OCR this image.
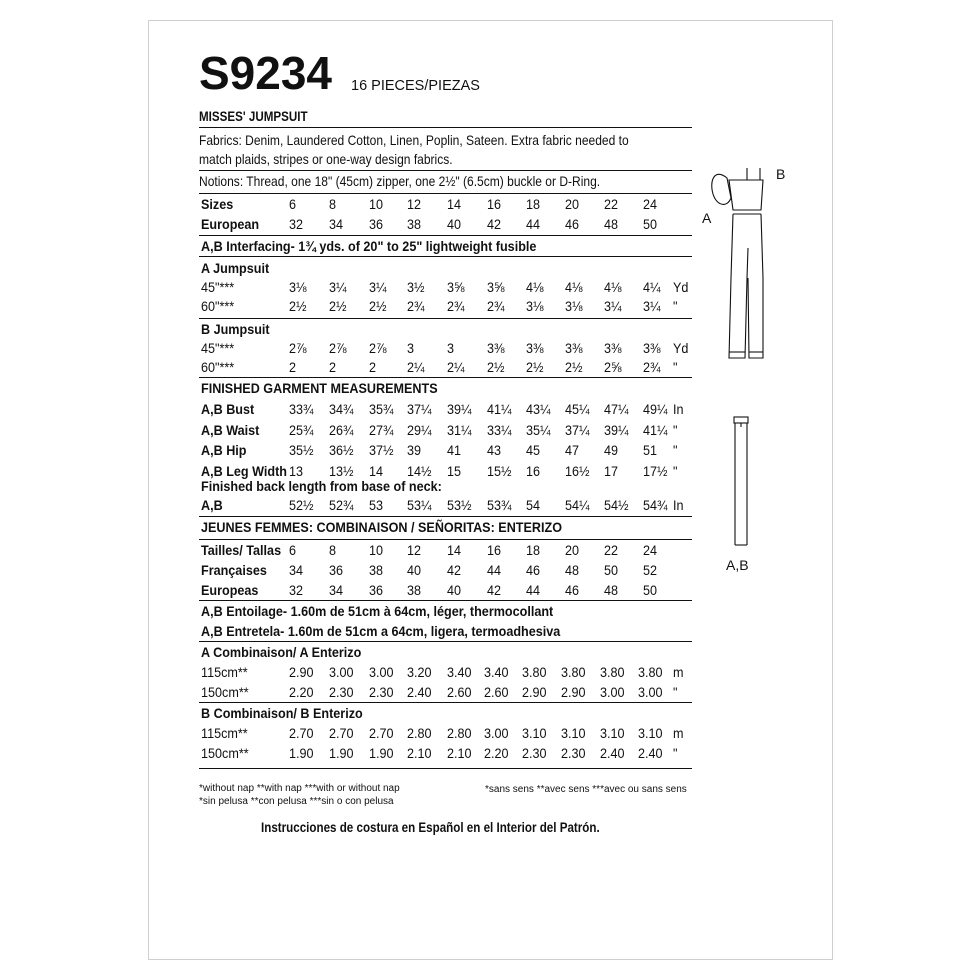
S9234 16 PIECES/PIEZAS
MISSES' JUMPSUIT
Fabrics: Denim, Laundered Cotton, Linen, Poplin, Sateen. Extra fabric needed to
match plaids, stripes or one-way design fabrics.
Notions: Thread, one 18" (45cm) zipper, one 2½" (6.5cm) buckle or D-Ring.
Sizes	6 8 10 12 14 16 18 20 22 24
European 32 34 36 38 40 42 44 46 48 50
A,B Interfacing- 1¾ yds. of 20" to 25" lightweight fusible
A Jumpsuit
45"***	3⅛ 3¼ 3¼ 3½ 3⅝ 3⅝ 4⅛ 4⅛ 4⅛ 4¼ Yd
60"***	2½ 2½ 2½ 2¾ 2¾ 2¾ 3⅛ 3⅛ 3¼ 3¼ "
B Jumpsuit
45"***	2⅞ 2⅞ 2⅞ 3 3 3⅜ 3⅜ 3⅜ 3⅜ 3⅜ Yd
60"***	2 2 2 2¼ 2¼ 2½ 2½ 2½ 2⅝ 2¾ "
FINISHED GARMENT MEASUREMENTS
A,B Bust 33¾ 34¾ 35¾ 37¼ 39¼ 41¼ 43¼ 45¼ 47¼ 49¼ In
A,B Waist 25¾ 26¾ 27¾ 29¼ 31¼ 33¼ 35¼ 37¼ 39¼ 41¼ "
A,B Hip	35½ 36½ 37½ 39 41 43 45 47 49 51 "
A,B Leg Width 13 13½ 14 14½ 15 15½ 16 16½ 17 17½ "
Finished back length from base of neck:
A,B	52½ 52¾ 53 53¼ 53½ 53¾ 54 54¼ 54½ 54¾ In
JEUNES FEMMES: COMBINAISON / SEÑORITAS: ENTERIZO
Tailles/ Tallas 6 8 10 12 14 16 18 20 22 24
Françaises 34 36 38 40 42 44 46 48 50 52
Europeas 32 34 36 38 40 42 44 46 48 50
A,B Entoilage- 1.60m de 51cm à 64cm, léger, thermocollant
A,B Entretela- 1.60m de 51cm a 64cm, ligera, termoadhesiva
A Combinaison/ A Enterizo
115cm**	2.90 3.00 3.00 3.20 3.40 3.40 3.80 3.80 3.80 3.80 m
150cm**	2.20 2.30 2.30 2.40 2.60 2.60 2.90 2.90 3.00 3.00 "
B Combinaison/ B Enterizo
115cm**	2.70 2.70 2.70 2.80 2.80 3.00 3.10 3.10 3.10 3.10 m
150cm**	1.90 1.90 1.90 2.10 2.10 2.20 2.30 2.30 2.40 2.40 "
*without nap **with nap ***with or without nap
*sin pelusa **con pelusa ***sin o con pelusa
*sans sens **avec sens ***avec ou sans sens
Instrucciones de costura en Español en el Interior del Patrón.
B
A
A,B
